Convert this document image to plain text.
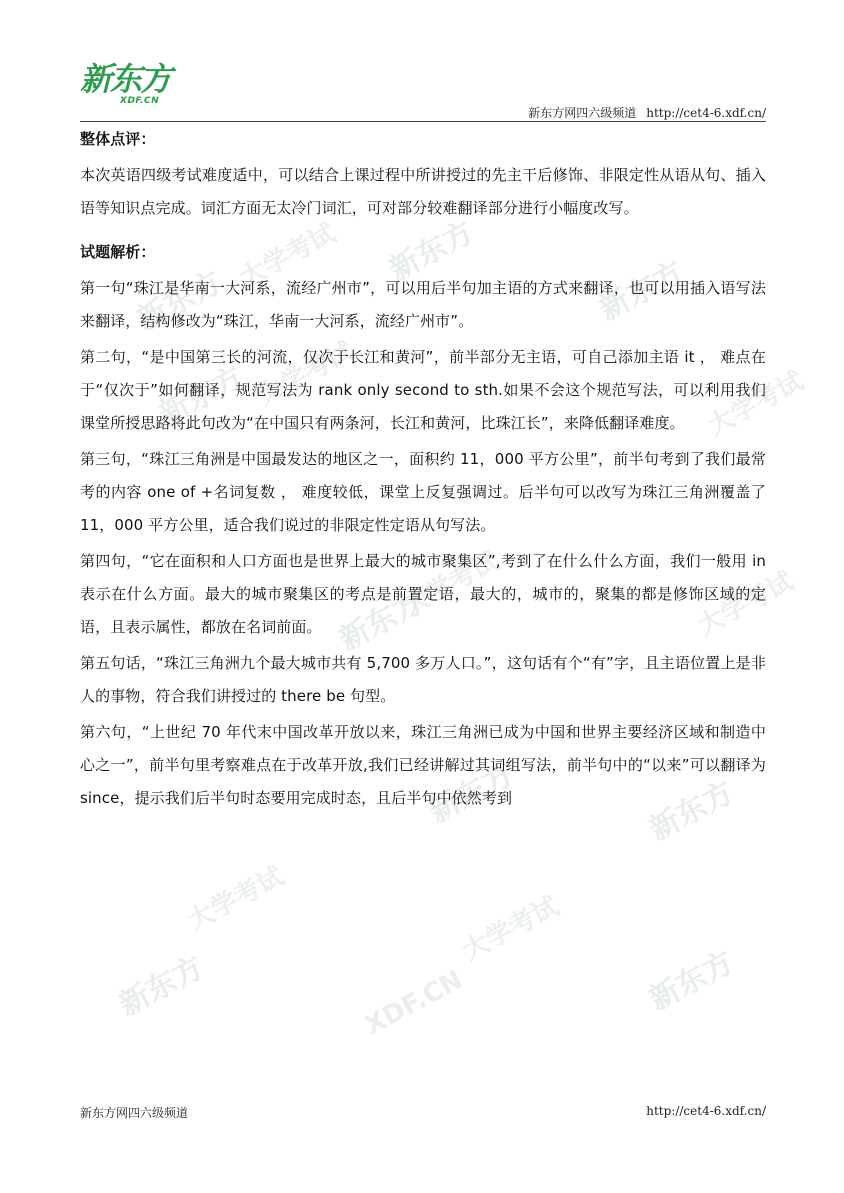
新东方
大学考试 新东方
新东方
新东方 大学考试	大学考试
新东方
大学考试	大学考试
新东方	新东方
大学考试	大学考试
新东方	新东方
XDF.CN
新东方
XDF.CN
新东方网四六级频道 http://cet4-6.xdf.cn/

整体点评：

本次英语四级考试难度适中，可以结合上课过程中所讲授过的先主干后修饰、非限定性从语从句、插入语等知识点完成。词汇方面无太冷门词汇，可对部分较难翻译部分进行小幅度改写。

试题解析：

第一句“珠江是华南一大河系，流经广州市”，可以用后半句加主语的方式来翻译，也可以用插入语写法来翻译，结构修改为“珠江，华南一大河系，流经广州市”。

第二句，“是中国第三长的河流，仅次于长江和黄河”，前半部分无主语，可自己添加主语 it ， 难点在于“仅次于”如何翻译，规范写法为 rank only second to sth.如果不会这个规范写法，可以利用我们课堂所授思路将此句改为“在中国只有两条河，长江和黄河，比珠江长”，来降低翻译难度。

第三句，“珠江三角洲是中国最发达的地区之一，面积约 11，000 平方公里”，前半句考到了我们最常考的内容 one of +名词复数 ， 难度较低，课堂上反复强调过。后半句可以改写为珠江三角洲覆盖了 11，000 平方公里，适合我们说过的非限定性定语从句写法。

第四句，“它在面积和人口方面也是世界上最大的城市聚集区”,考到了在什么什么方面，我们一般用 in 表示在什么方面。最大的城市聚集区的考点是前置定语，最大的，城市的，聚集的都是修饰区域的定语，且表示属性，都放在名词前面。

第五句话，“珠江三角洲九个最大城市共有 5,700 多万人口。”，这句话有个“有”字，且主语位置上是非人的事物，符合我们讲授过的 there be 句型。

第六句，“上世纪 70 年代末中国改革开放以来，珠江三角洲已成为中国和世界主要经济区域和制造中心之一”，前半句里考察难点在于改革开放,我们已经讲解过其词组写法，前半句中的“以来”可以翻译为 since，提示我们后半句时态要用完成时态，且后半句中依然考到

新东方网四六级频道	http://cet4-6.xdf.cn/
